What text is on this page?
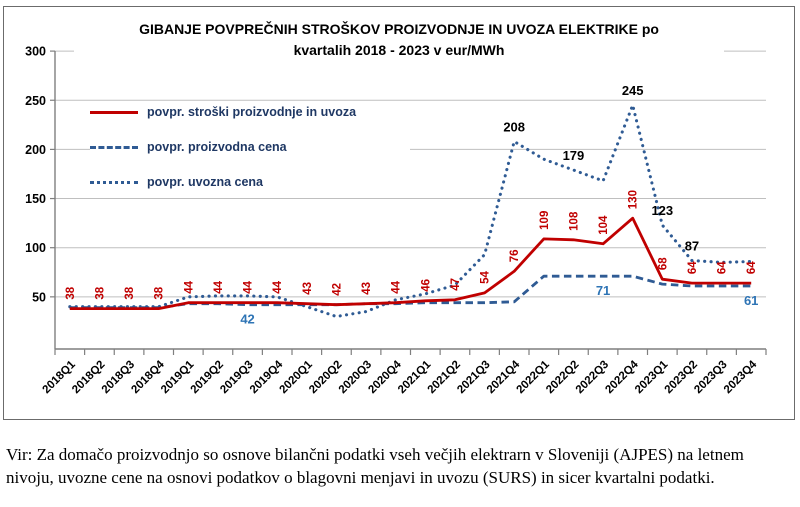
50
100
150
200
250
300
2018Q1
2018Q2
2018Q3
2018Q4
2019Q1
2019Q2
2019Q3
2019Q4
2020Q1
2020Q2
2020Q3
2020Q4
2021Q1
2021Q2
2021Q3
2021Q4
2022Q1
2022Q2
2022Q3
2022Q4
2023Q1
2023Q2
2023Q3
2023Q4
208
179
245
123
87
42
71
61
38 38 38 38 44 44 44 44 43 42 43 44 46 47
54
76
109 108 104
130
68 64 64 64
GIBANJE POVPREČNIH STROŠKOV PROIZVODNJE IN UVOZA ELEKTRIKE po
kvartalih 2018 - 2023 v eur/MWh
povpr. stroški proizvodnje in uvoza
povpr. proizvodna cena
povpr. uvozna cena

Vir: Za domačo proizvodnjo so osnove bilančni podatki vseh večjih elektrarn v Sloveniji (AJPES) na letnem nivoju, uvozne cene na osnovi podatkov o blagovni menjavi in uvozu (SURS) in sicer kvartalni podatki.
